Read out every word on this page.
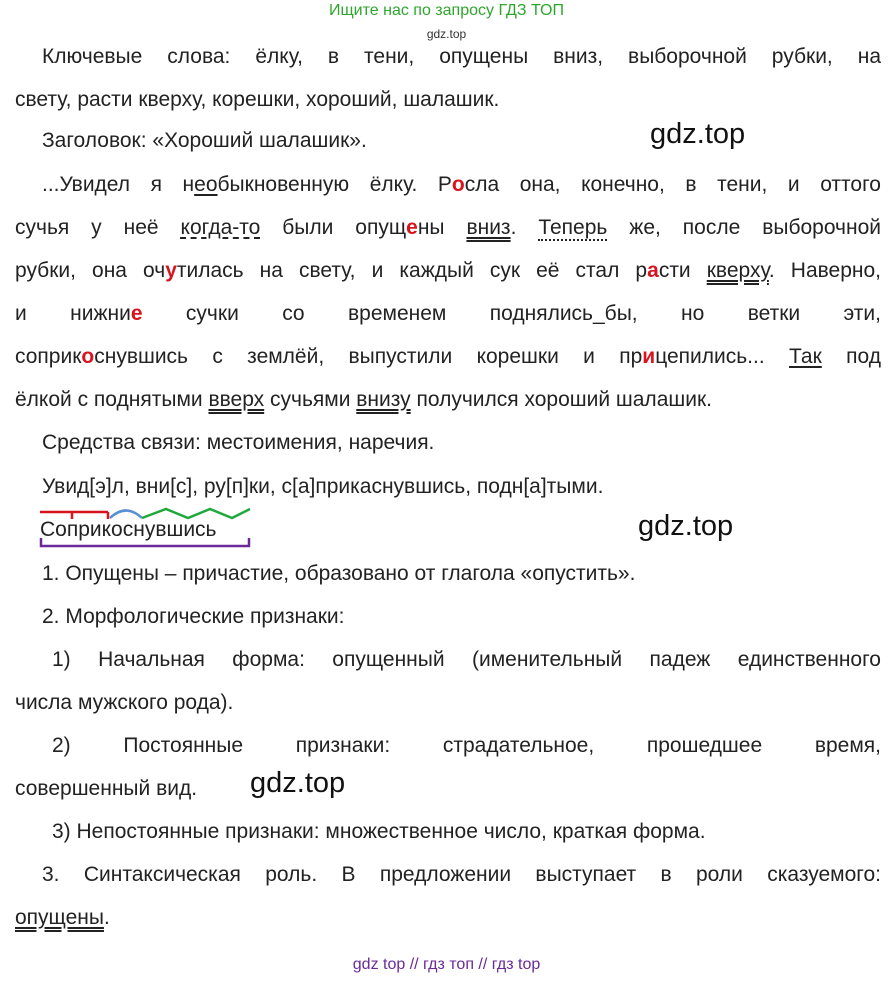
Ищите нас по запросу ГДЗ ТОП
gdz.top
gdz.top
gdz.top
Ключевые слова: ёлку, в тени, опущены вниз, выборочной рубки, на
свету, расти кверху, корешки, хороший, шалашик.
Заголовок: «Хороший шалашик».
...Увидел я необыкновенную ёлку. Росла она, конечно, в тени, и оттого
сучья у неё когда-то были опущены вниз. Теперь же, после выборочной
рубки, она очутилась на свету, и каждый сук её стал расти кверху. Наверно,
и нижние сучки со временем поднялись_бы, но ветки эти,
соприкоснувшись с землёй, выпустили корешки и прицепились... Так под
ёлкой с поднятыми вверх сучьями внизу получился хороший шалашик.
Средства связи: местоимения, наречия.
Увид[э]л, вни[с], ру[п]ки, с[а]прикаснувшись, подн[а]тыми.
Соприкоснувшись
1. Опущены – причастие, образовано от глагола «опустить».
2. Морфологические признаки:
1) Начальная форма: опущенный (именительный падеж единственного
числа мужского рода).
2) Постоянные признаки: страдательное, прошедшее время,
совершенный вид.	gdz.top
3) Непостоянные признаки: множественное число, краткая форма.
3. Синтаксическая роль. В предложении выступает в роли сказуемого:
опущены.
gdz top // гдз топ // гдз top
